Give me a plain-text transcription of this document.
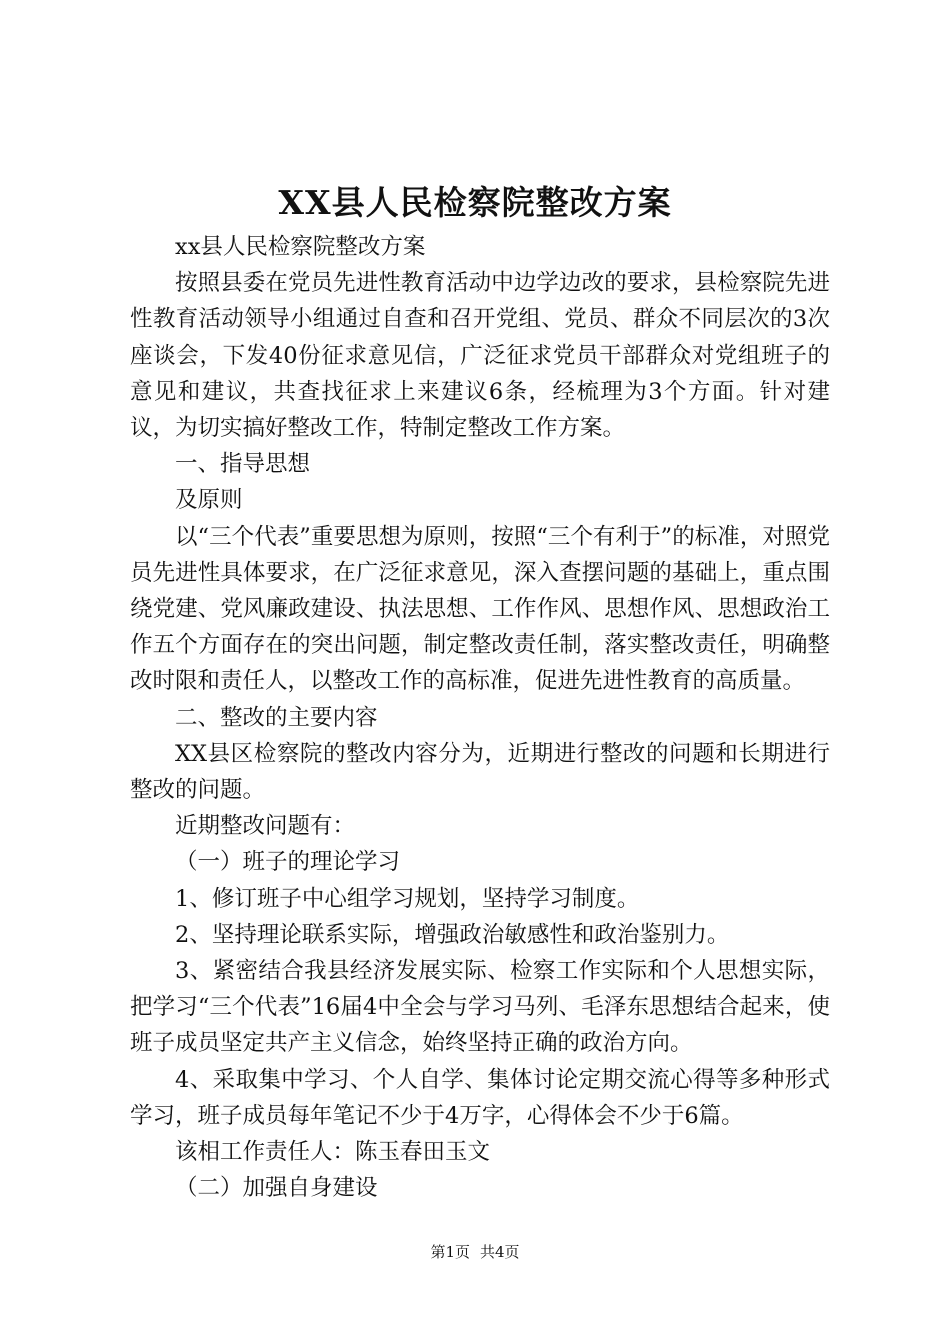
XX县人民检察院整改方案

xx县人民检察院整改方案

按照县委在党员先进性教育活动中边学边改的要求，县检察院先进性教育活动领导小组通过自查和召开党组、党员、群众不同层次的3次座谈会，下发40份征求意见信，广泛征求党员干部群众对党组班子的意见和建议，共查找征求上来建议6条，经梳理为3个方面。针对建议，为切实搞好整改工作，特制定整改工作方案。

一、指导思想

及原则

以“三个代表”重要思想为原则，按照“三个有利于”的标准，对照党员先进性具体要求，在广泛征求意见，深入查摆问题的基础上，重点围绕党建、党风廉政建设、执法思想、工作作风、思想作风、思想政治工作五个方面存在的突出问题，制定整改责任制，落实整改责任，明确整改时限和责任人，以整改工作的高标准，促进先进性教育的高质量。

二、整改的主要内容

XX县区检察院的整改内容分为，近期进行整改的问题和长期进行整改的问题。

近期整改问题有：

（一）班子的理论学习

1、修订班子中心组学习规划，坚持学习制度。

2、坚持理论联系实际，增强政治敏感性和政治鉴别力。

3、紧密结合我县经济发展实际、检察工作实际和个人思想实际，把学习“三个代表”16届4中全会与学习马列、毛泽东思想结合起来，使班子成员坚定共产主义信念，始终坚持正确的政治方向。

4、采取集中学习、个人自学、集体讨论定期交流心得等多种形式学习，班子成员每年笔记不少于4万字，心得体会不少于6篇。

该相工作责任人：陈玉春田玉文

（二）加强自身建设

第1页 共4页
